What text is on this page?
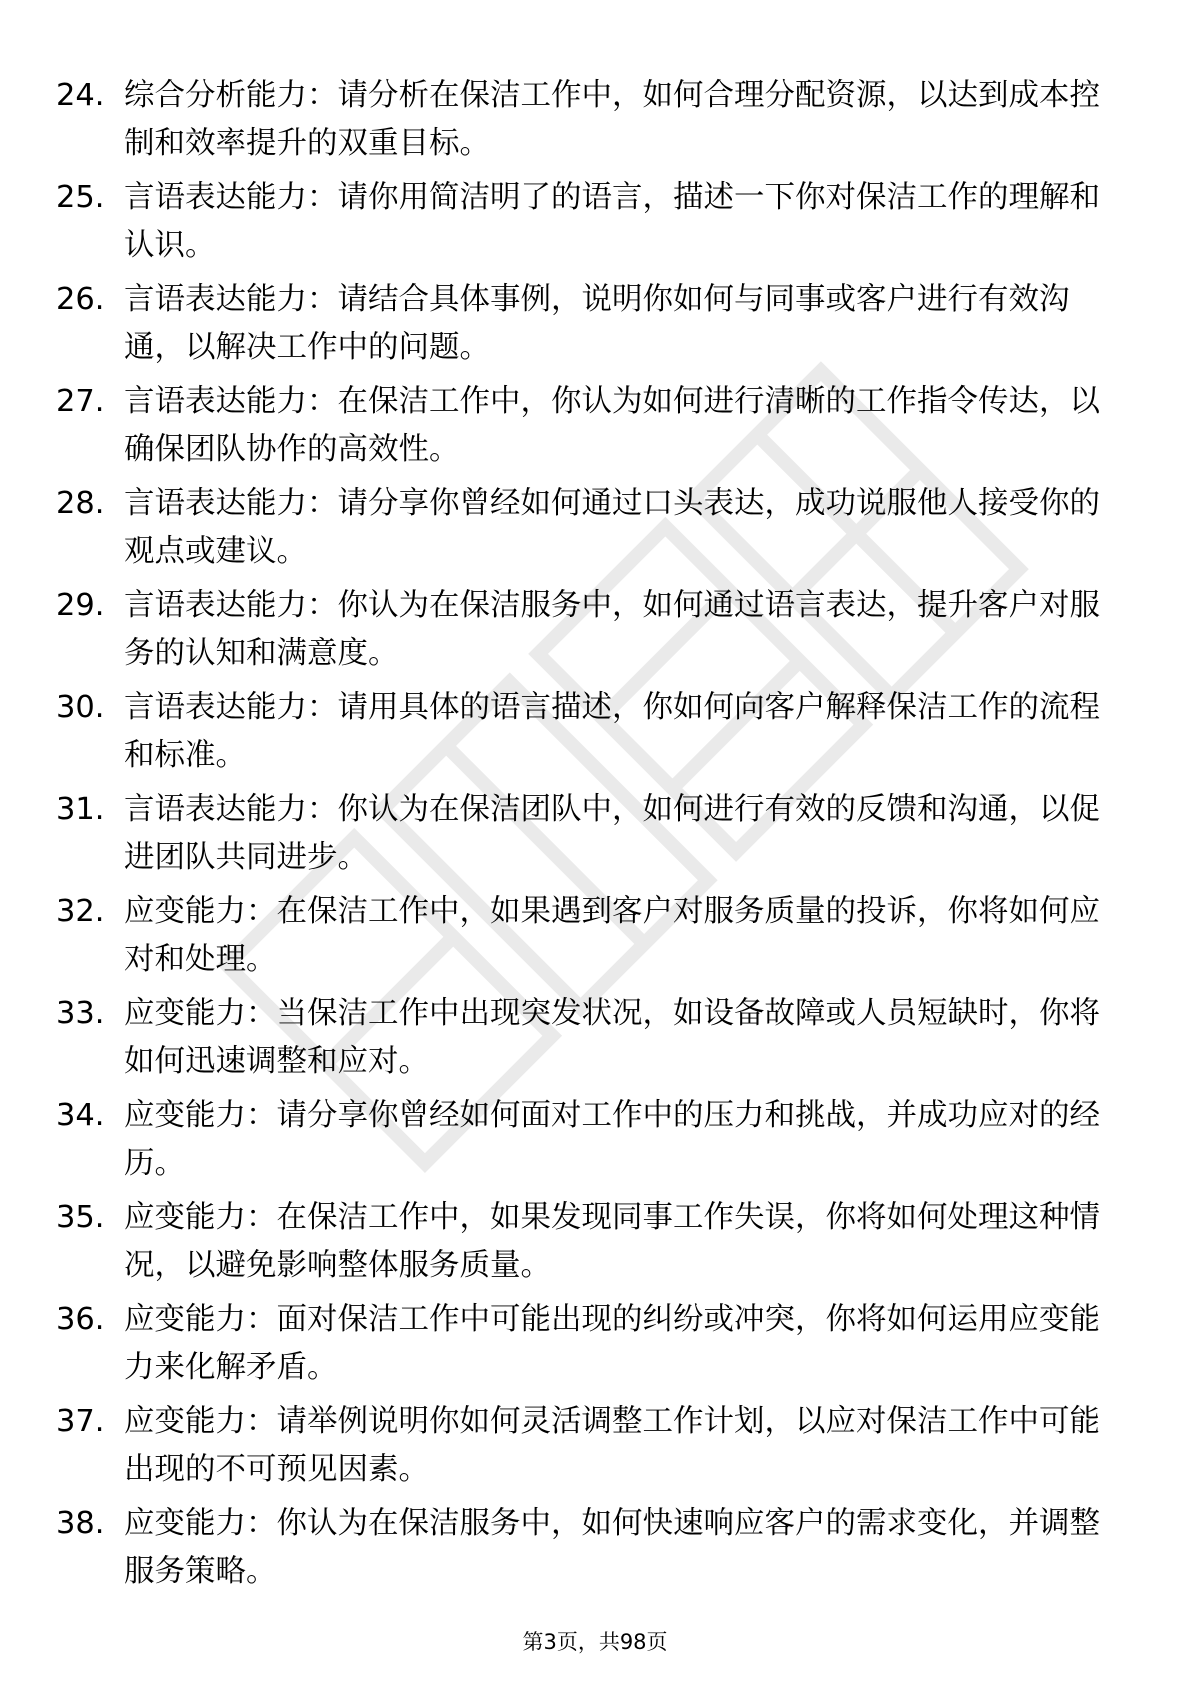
24. 综合分析能力：请分析在保洁工作中，如何合理分配资源，以达到成本控制和效率提升的双重目标。
25. 言语表达能力：请你用简洁明了的语言，描述一下你对保洁工作的理解和认识。
26. 言语表达能力：请结合具体事例，说明你如何与同事或客户进行有效沟通，以解决工作中的问题。
27. 言语表达能力：在保洁工作中，你认为如何进行清晰的工作指令传达，以确保团队协作的高效性。
28. 言语表达能力：请分享你曾经如何通过口头表达，成功说服他人接受你的观点或建议。
29. 言语表达能力：你认为在保洁服务中，如何通过语言表达，提升客户对服务的认知和满意度。
30. 言语表达能力：请用具体的语言描述，你如何向客户解释保洁工作的流程和标准。
31. 言语表达能力：你认为在保洁团队中，如何进行有效的反馈和沟通，以促进团队共同进步。
32. 应变能力：在保洁工作中，如果遇到客户对服务质量的投诉，你将如何应对和处理。
33. 应变能力：当保洁工作中出现突发状况，如设备故障或人员短缺时，你将如何迅速调整和应对。
34. 应变能力：请分享你曾经如何面对工作中的压力和挑战，并成功应对的经历。
35. 应变能力：在保洁工作中，如果发现同事工作失误，你将如何处理这种情况，以避免影响整体服务质量。
36. 应变能力：面对保洁工作中可能出现的纠纷或冲突，你将如何运用应变能力来化解矛盾。
37. 应变能力：请举例说明你如何灵活调整工作计划，以应对保洁工作中可能出现的不可预见因素。
38. 应变能力：你认为在保洁服务中，如何快速响应客户的需求变化，并调整服务策略。
第3页，共98页
